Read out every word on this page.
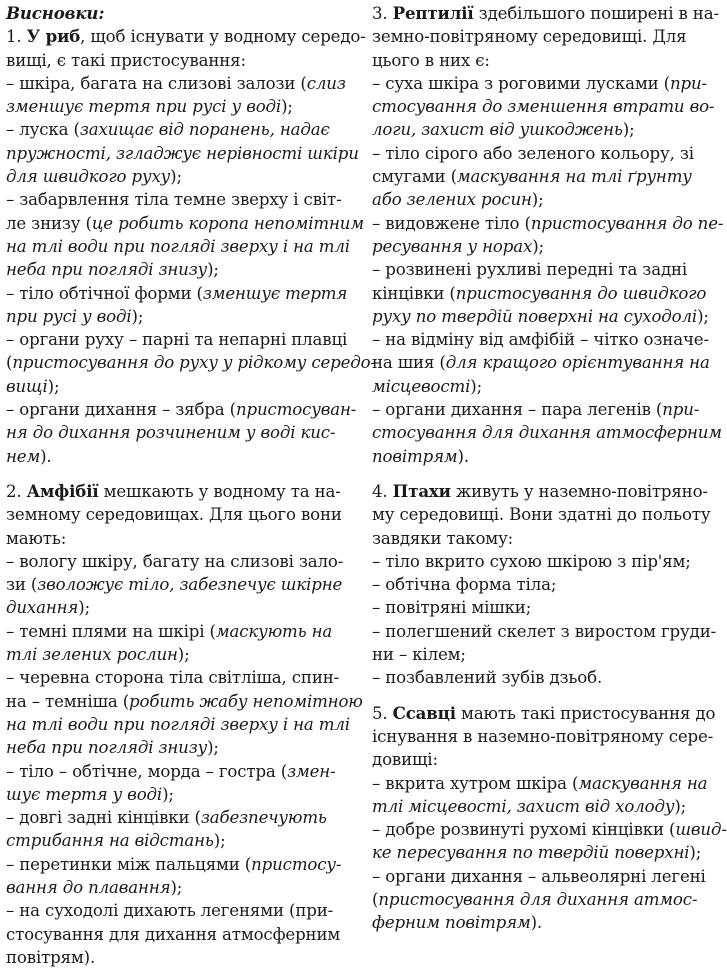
Висновки:
1. У риб, щоб існувати у водному середо-
вищі, є такі пристосування:
– шкіра, багата на слизові залози (слиз
зменшує тертя при русі у воді);
– луска (захищає від поранень, надає
пружності, згладжує нерівності шкіри
для швидкого руху);
– забарвлення тіла темне зверху і світ-
ле знизу (це робить коропа непомітним
на тлі води при погляді зверху і на тлі
неба при погляді знизу);
– тіло обтічної форми (зменшує тертя
при русі у воді);
– органи руху – парні та непарні плавці
(пристосування до руху у рідкому середо-
вищі);
– органи дихання – зябра (пристосуван-
ня до дихання розчиненим у воді кис-
нем).
2. Амфібії мешкають у водному та на-
земному середовищах. Для цього вони
мають:
– вологу шкіру, багату на слизові зало-
зи (зволожує тіло, забезпечує шкірне
дихання);
– темні плями на шкірі (маскують на
тлі зелених рослин);
– черевна сторона тіла світліша, спин-
на – темніша (робить жабу непомітною
на тлі води при погляді зверху і на тлі
неба при погляді знизу);
– тіло – обтічне, морда – гостра (змен-
шує тертя у воді);
– довгі задні кінцівки (забезпечують
стрибання на відстань);
– перетинки між пальцями (пристосу-
вання до плавання);
– на суходолі дихають легенями (при-
стосування для дихання атмосферним
повітрям).
3. Рептилії здебільшого поширені в на-
земно-повітряному середовищі. Для
цього в них є:
– суха шкіра з роговими лусками (при-
стосування до зменшення втрати во-
логи, захист від ушкоджень);
– тіло сірого або зеленого кольору, зі
смугами (маскування на тлі ґрунту
або зелених росин);
– видовжене тіло (пристосування до пе-
ресування у норах);
– розвинені рухливі передні та задні
кінцівки (пристосування до швидкого
руху по твердій поверхні на суходолі);
– на відміну від амфібій – чітко означе-
на шия (для кращого орієнтування на
місцевості);
– органи дихання – пара легенів (при-
стосування для дихання атмосферним
повітрям).
4. Птахи живуть у наземно-повітряно-
му середовищі. Вони здатні до польоту
завдяки такому:
– тіло вкрито сухою шкірою з пір'ям;
– обтічна форма тіла;
– повітряні мішки;
– полегшений скелет з виростом груди-
ни – кілем;
– позбавлений зубів дзьоб.
5. Ссавці мають такі пристосування до
існування в наземно-повітряному сере-
довищі:
– вкрита хутром шкіра (маскування на
тлі місцевості, захист від холоду);
– добре розвинуті рухомі кінцівки (швид-
ке пересування по твердій поверхні);
– органи дихання – альвеолярні легені
(пристосування для дихання атмос-
ферним повітрям).
